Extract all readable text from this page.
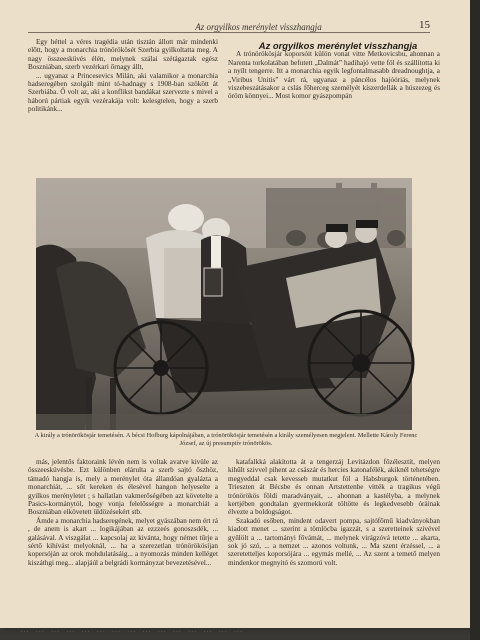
Az orgyilkos merénylet visszhangja	15

Egy héttel a véres tragédia után tisztán állott már mindenki előtt, hogy a monarchia trónörökösét Szerbia gyilkoltatta meg. A nagy összeesküvés élén, melynek szálai szétágaztak egész Boszniában, szerb vezérkari őrnagy állt,

... ugyanaz a Princesevics Milán, aki valamikor a monarchia hadseregében szolgált mint tó-hadnagy s 1908-ban szökött át Szerbiába. Ő volt az, aki a konflikst bandákat szervezte s mivel a háború pártiak egyik vezérakája volt: kelesgtelen, hogy a szerb politikánk...

Az orgyilkos merénylet visszhangja

A trónörökösjár koporsóit külön vonat vitte Metkovicsbu, ahonnan a Narenta torkolatában befutett „Dalmát” hadihajó vette föl és szállította ki a nyílt tengerre. Itt a monarchia egyik legfontalmasabb dreadnoughtja, a „Viribus Unitis” várt rá, ugyanaz a páncélos hajóóriás, melynek viszebeszátásakor a cslás főherceg személyét kíszerdellák a húszezeg és öröm könnyei... Most komor gyászpompán

A király a trónörökösjár temetésén. A bécsi Hofburg kápolnájában, a trónörökösjár temetésén a király személyesen megjelent. Mellette Károly Ferenc József, az új presumptív trónörökös.

más, jelentős faktoraink lévén nem is voltak avatve kivüle az összeesküvésbe. Ezt különben elárulta a szerb sajtó őszhöz, támadó hangja is, mely a merénylet óta állandóan gyalázta a monarchiát, ... sőt kereken és élesével hangon helyeselte a gyilkos merényletet ; s hallatlan vakmerőségében azt követelte a Pasics-kormánytól, hogy vonja felelősségre a monarchiát a Boszniában elkövetett üldözésekért stb.

Ámde a monarchia hadseregének, melyet gyászában nem ért rá , de anem is akart ... logikájában az ezzzeés gonoszsdék, ... galásával. A viszgálat ... kapcsolaj az kivánta, hogy német tűrje a sértő kihívást melyoknál, ... ha a szerezetlan trónörökösíjan kopersóján az orok mohdulatásáig... a nyomozás minden kelléget kiszáthgi meg... alapjáúl a belgrádi kormányzat bevezetésével...

katafalkká alakította át a tengerzáj Levitázdon főzélesztít, melyen kihűlt szivvel pihent az császár és hercies katonafélék, akiknél tehetségre megyeddal csak kevesseb mutatkut föl a Habsburgok történetében. Trieszten át Bécsbe és onnan Artstettenbe vitték a tragikus végű trónörökös földi maradványait, ... ahonnan a kastélyba, a melynek kertjében gondtalan gyermekkorát töltötte és legkedvesebb óráinak élvezte a boldogságot.

Szakadó esőben, mindent odavert pompa, sajtófőmű kiadványokban kiadott menet ... szerint a tömlöcba igazzát, s a szeretteinek szívével gyűlölt a ... tartományi fővámát, ... melynek virágzóvá tetette ... akarta, sok jó szó, ... a nemzet ... azonos voltunk, ... Ma szent érzéssel, ... a szeretetteljes koporsójára ... egymás mellé, ... Az szent a temető melyen mindenkor megnyitó és szomorú volt.

… … … … … … … … … … … … … … …
